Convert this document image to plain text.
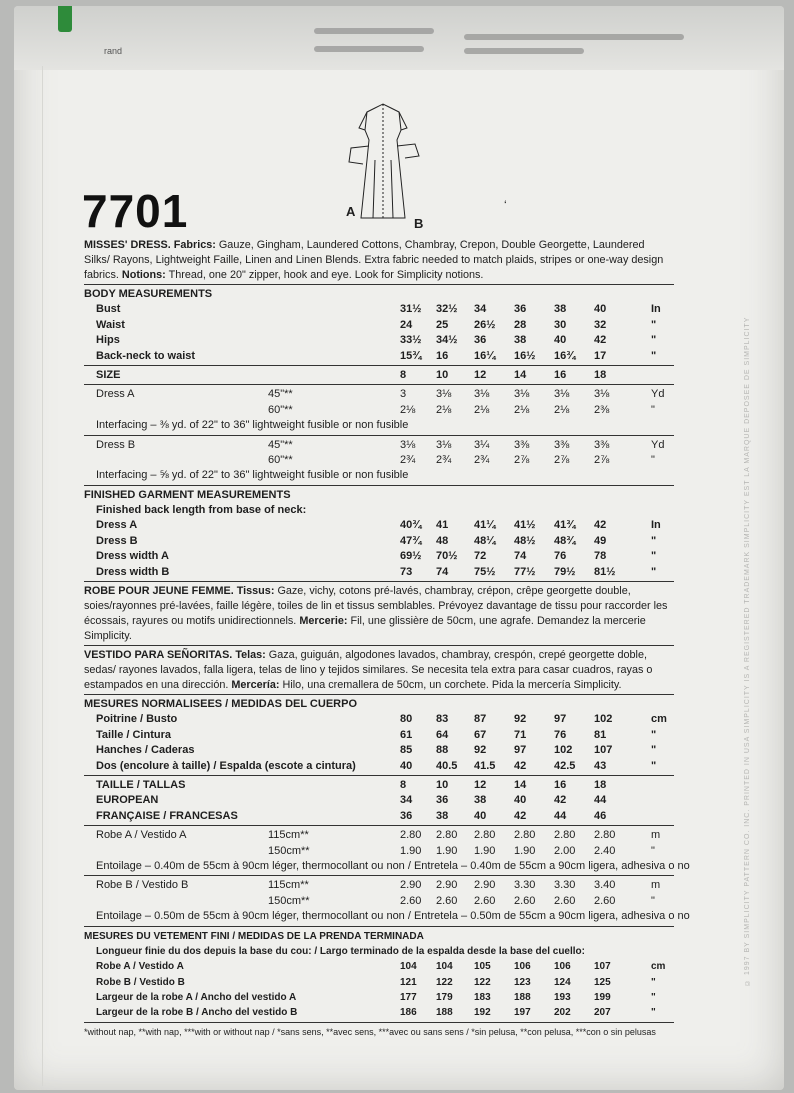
rand
© 1997 BY SIMPLICITY PATTERN CO. INC. PRINTED IN USA SIMPLICITY IS A REGISTERED TRADEMARK SIMPLICITY EST LA MARQUE DEPOSEE DE SIMPLICITY
A
B
7701	‘
MISSES' DRESS. Fabrics: Gauze, Gingham, Laundered Cottons, Chambray, Crepon, Double Georgette, Laundered Silks/ Rayons, Lightweight Faille, Linen and Linen Blends. Extra fabric needed to match plaids, stripes or one-way design fabrics. Notions: Thread, one 20" zipper, hook and eye. Look for Simplicity notions.
BODY MEASUREMENTS
Bust	31½	32½	34	36	38	40	In
Waist	24	25	26½	28	30	32	"
Hips	33½	34½	36	38	40	42	"
Back-neck to waist	15¾	16	16¼	16½	16¾	17	"
SIZE	8	10	12	14	16	18
Dress A	45"**	3	3⅛	3⅛	3⅛	3⅛	3⅛	Yd
60"**	2⅛	2⅛	2⅛	2⅛	2⅛	2⅜	"
Interfacing – ⅜ yd. of 22" to 36" lightweight fusible or non fusible
Dress B	45"**	3⅛	3⅛	3¼	3⅜	3⅜	3⅜	Yd
60"**	2¾	2¾	2¾	2⅞	2⅞	2⅞	"
Interfacing – ⅝ yd. of 22" to 36" lightweight fusible or non fusible
FINISHED GARMENT MEASUREMENTS
Finished back length from base of neck:
Dress A	40¾	41	41¼	41½	41¾	42	In
Dress B	47¾	48	48¼	48½	48¾	49	"
Dress width A	69½	70½	72	74	76	78	"
Dress width B	73	74	75½	77½	79½	81½	"
ROBE POUR JEUNE FEMME. Tissus: Gaze, vichy, cotons pré-lavés, chambray, crépon, crêpe georgette double, soies/rayonnes pré-lavées, faille légère, toiles de lin et tissus semblables. Prévoyez davantage de tissu pour raccorder les écossais, rayures ou motifs unidirectionnels. Mercerie: Fil, une glissière de 50cm, une agrafe. Demandez la mercerie Simplicity.
VESTIDO PARA SEÑORITAS. Telas: Gaza, guiguán, algodones lavados, chambray, crespón, crepé georgette doble, sedas/ rayones lavados, falla ligera, telas de lino y tejidos similares. Se necesita tela extra para casar cuadros, rayas o estampados en una dirección. Mercería: Hilo, una cremallera de 50cm, un corchete. Pida la mercería Simplicity.
MESURES NORMALISEES / MEDIDAS DEL CUERPO
Poitrine / Busto	80	83	87	92	97	102	cm
Taille / Cintura	61	64	67	71	76	81	"
Hanches / Caderas	85	88	92	97	102	107	"
Dos (encolure à taille) / Espalda (escote a cintura)	40	40.5	41.5	42	42.5	43	"
TAILLE / TALLAS	8	10	12	14	16	18
EUROPEAN	34	36	38	40	42	44
FRANÇAISE / FRANCESAS	36	38	40	42	44	46
Robe A / Vestido A	115cm**	2.80	2.80	2.80	2.80	2.80	2.80	m
150cm**	1.90	1.90	1.90	1.90	2.00	2.40	"
Entoilage – 0.40m de 55cm à 90cm léger, thermocollant ou non / Entretela – 0.40m de 55cm a 90cm ligera, adhesiva o no
Robe B / Vestido B	115cm**	2.90	2.90	2.90	3.30	3.30	3.40	m
150cm**	2.60	2.60	2.60	2.60	2.60	2.60	"
Entoilage – 0.50m de 55cm à 90cm léger, thermocollant ou non / Entretela – 0.50m de 55cm a 90cm ligera, adhesiva o no
MESURES DU VETEMENT FINI / MEDIDAS DE LA PRENDA TERMINADA
Longueur finie du dos depuis la base du cou: / Largo terminado de la espalda desde la base del cuello:
Robe A / Vestido A	104	104	105	106	106	107	cm
Robe B / Vestido B	121	122	122	123	124	125	"
Largeur de la robe A / Ancho del vestido A	177	179	183	188	193	199	"
Largeur de la robe B / Ancho del vestido B	186	188	192	197	202	207	"
*without nap, **with nap, ***with or without nap / *sans sens, **avec sens, ***avec ou sans sens / *sin pelusa, **con pelusa, ***con o sin pelusas
